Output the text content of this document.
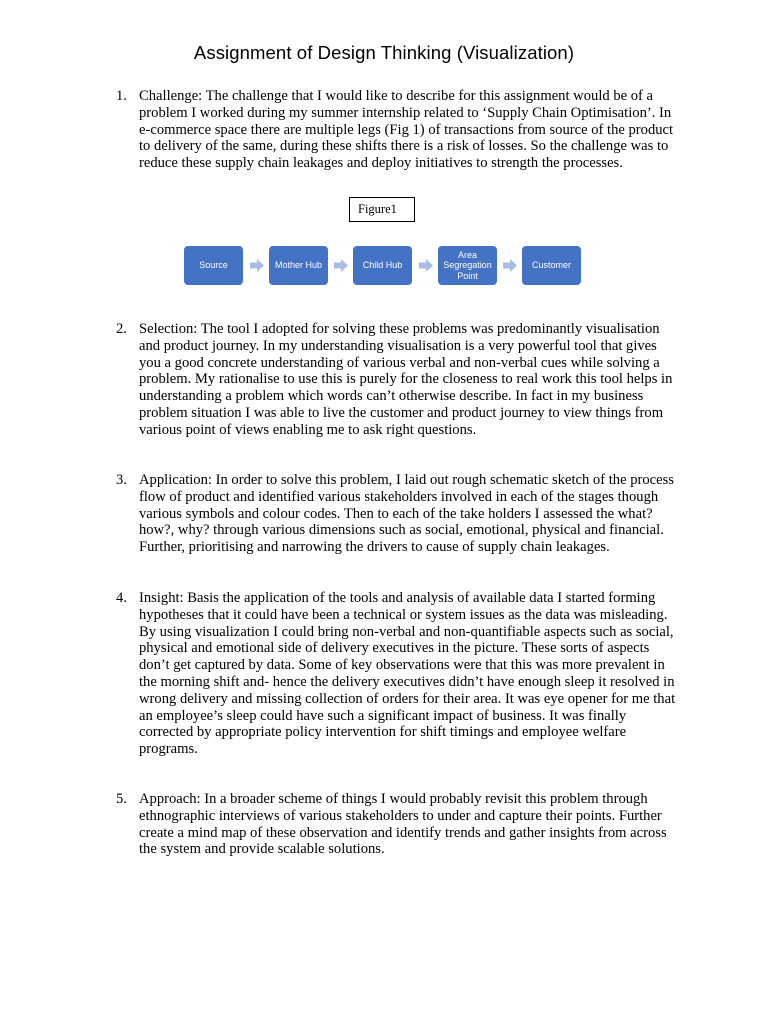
Assignment of Design Thinking (Visualization)
1. Challenge: The challenge that I would like to describe for this assignment would be of a problem I worked during my summer internship related to ‘Supply Chain Optimisation’. In e-commerce space there are multiple legs (Fig 1) of transactions from source of the product to delivery of the same, during these shifts there is a risk of losses. So the challenge was to reduce these supply chain leakages and deploy initiatives to strength the processes.

Figure1
Source	Mother Hub	Child Hub
Area Segregation Point
Customer
2. Selection: The tool I adopted for solving these problems was predominantly visualisation and product journey. In my understanding visualisation is a very powerful tool that gives you a good concrete understanding of various verbal and non-verbal cues while solving a problem. My rationalise to use this is purely for the closeness to real work this tool helps in understanding a problem which words can’t otherwise describe. In fact in my business problem situation I was able to live the customer and product journey to view things from various point of views enabling me to ask right questions.

3. Application: In order to solve this problem, I laid out rough schematic sketch of the process flow of product and identified various stakeholders involved in each of the stages though various symbols and colour codes. Then to each of the take holders I assessed the what? how?, why? through various dimensions such as social, emotional, physical and financial. Further, prioritising and narrowing the drivers to cause of supply chain leakages.

4. Insight: Basis the application of the tools and analysis of available data I started forming hypotheses that it could have been a technical or system issues as the data was misleading. By using visualization I could bring non-verbal and non-quantifiable aspects such as social, physical and emotional side of delivery executives in the picture. These sorts of aspects don’t get captured by data. Some of key observations were that this was more prevalent in the morning shift and- hence the delivery executives didn’t have enough sleep it resolved in wrong delivery and missing collection of orders for their area. It was eye opener for me that an employee’s sleep could have such a significant impact of business. It was finally corrected by appropriate policy intervention for shift timings and employee welfare programs.

5. Approach: In a broader scheme of things I would probably revisit this problem through ethnographic interviews of various stakeholders to under and capture their points. Further create a mind map of these observation and identify trends and gather insights from across the system and provide scalable solutions.
